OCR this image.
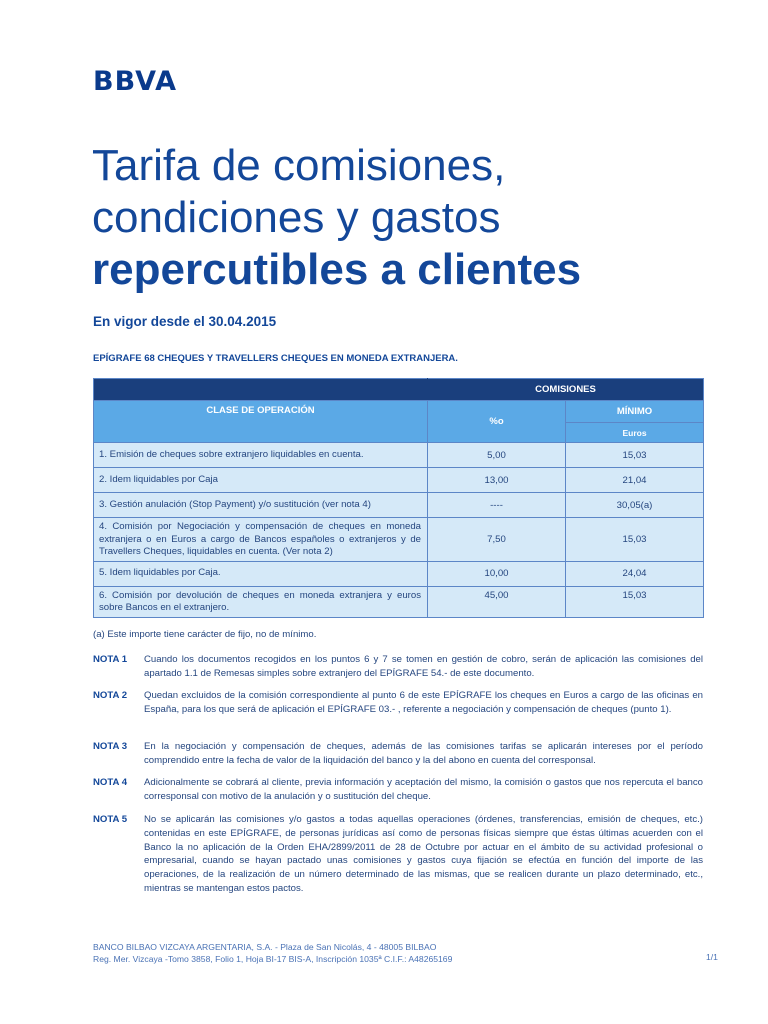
BBVA
Tarifa de comisiones,
condiciones y gastos
repercutibles a clientes
En vigor desde el 30.04.2015
EPÍGRAFE 68 CHEQUES Y TRAVELLERS CHEQUES EN MONEDA EXTRANJERA.
	COMISIONES	
CLASE DE OPERACIÓN	%o	MÍNIMO
		Euros
1. Emisión de cheques sobre extranjero liquidables en cuenta.	5,00	15,03
2. Idem liquidables por Caja	13,00	21,04
3. Gestión anulación (Stop Payment) y/o sustitución (ver nota 4)	----	30,05(a)
4. Comisión por Negociación y compensación de cheques en moneda extranjera o en Euros a cargo de Bancos españoles o extranjeros y de Travellers Cheques, liquidables en cuenta. (Ver nota 2)	7,50	15,03
5. Idem liquidables por Caja.	10,00	24,04
6. Comisión por devolución de cheques en moneda extranjera y euros sobre Bancos en el extranjero.	45,00	15,03
(a) Este importe tiene carácter de fijo, no de mínimo.
NOTA 1 Cuando los documentos recogidos en los puntos 6 y 7 se tomen en gestión de cobro, serán de aplicación las comisiones del apartado 1.1 de Remesas simples sobre extranjero del EPÍGRAFE 54.- de este documento.
NOTA 2 Quedan excluidos de la comisión correspondiente al punto 6 de este EPÍGRAFE los cheques en Euros a cargo de las oficinas en España, para los que será de aplicación el EPÍGRAFE 03.- , referente a negociación y compensación de cheques (punto 1).
NOTA 3 En la negociación y compensación de cheques, además de las comisiones tarifas se aplicarán intereses por el período comprendido entre la fecha de valor de la liquidación del banco y la del abono en cuenta del corresponsal.
NOTA 4 Adicionalmente se cobrará al cliente, previa información y aceptación del mismo, la comisión o gastos que nos repercuta el banco corresponsal con motivo de la anulación y o sustitución del cheque.
NOTA 5 No se aplicarán las comisiones y/o gastos a todas aquellas operaciones (órdenes, transferencias, emisión de cheques, etc.) contenidas en este EPÍGRAFE, de personas jurídicas así como de personas físicas siempre que éstas últimas acuerden con el Banco la no aplicación de la Orden EHA/2899/2011 de 28 de Octubre por actuar en el ámbito de su actividad profesional o empresarial, cuando se hayan pactado unas comisiones y gastos cuya fijación se efectúa en función del importe de las operaciones, de la realización de un número determinado de las mismas, que se realicen durante un plazo determinado, etc., mientras se mantengan estos pactos.
BANCO BILBAO VIZCAYA ARGENTARIA, S.A. - Plaza de San Nicolás, 4 - 48005 BILBAO
Reg. Mer. Vizcaya -Tomo 3858, Folio 1, Hoja BI-17 BIS-A, Inscripción 1035ª C.I.F.: A48265169	1/1
